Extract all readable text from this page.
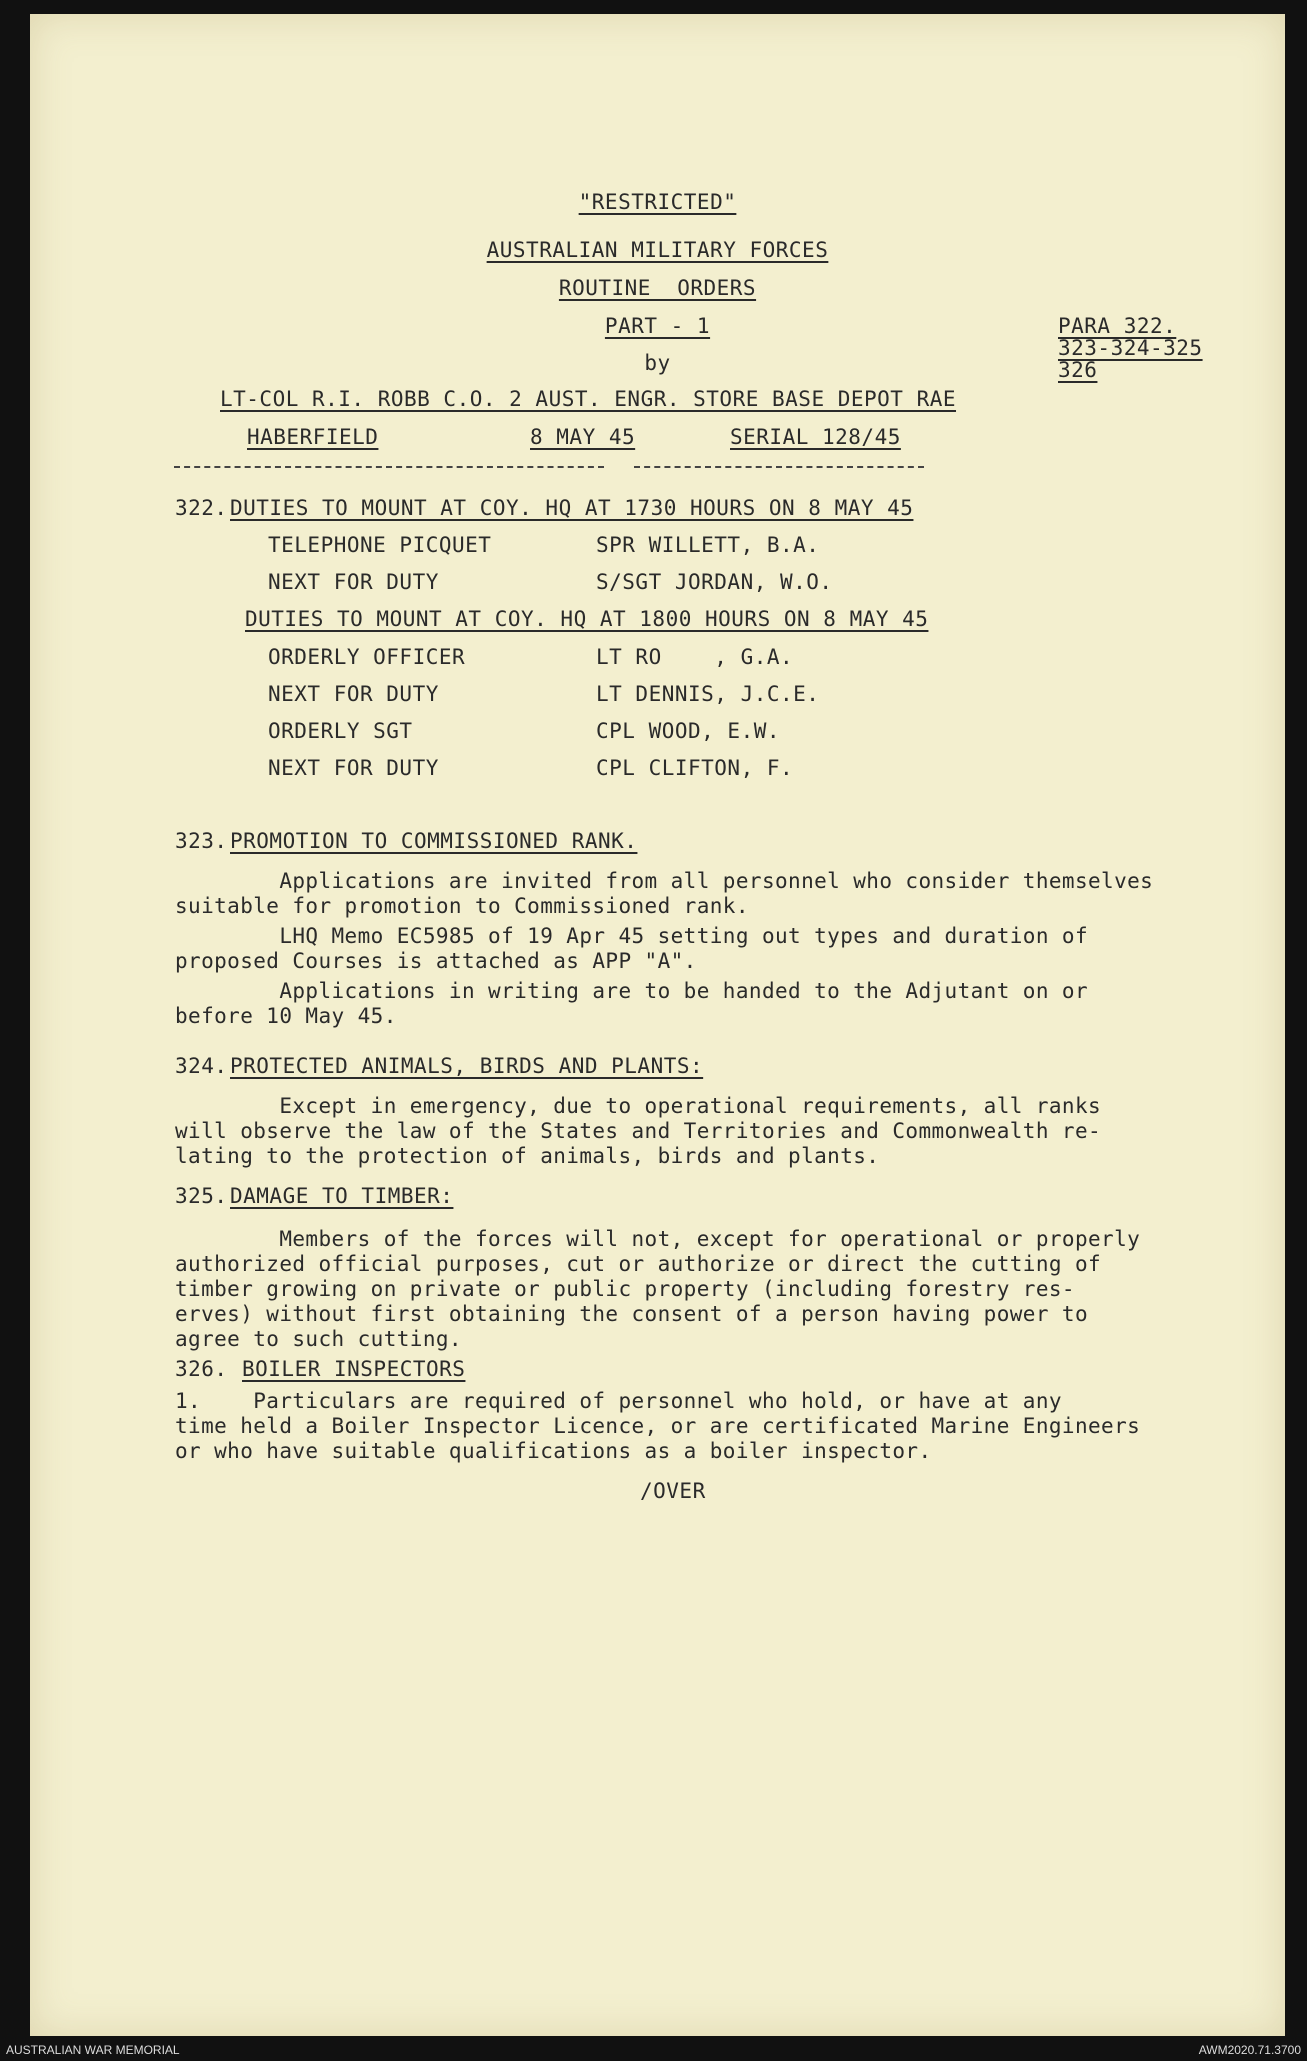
"RESTRICTED"
AUSTRALIAN MILITARY FORCES
ROUTINE  ORDERS
PART - 1
by
PARA 322.
323-324-325
326
LT-COL R.I. ROBB C.O. 2 AUST. ENGR. STORE BASE DEPOT RAE
HABERFIELD	8 MAY 45	SERIAL 128/45
322. DUTIES TO MOUNT AT COY. HQ AT 1730 HOURS ON 8 MAY 45
TELEPHONE PICQUET	SPR WILLETT, B.A.
NEXT FOR DUTY	S/SGT JORDAN, W.O.
DUTIES TO MOUNT AT COY. HQ AT 1800 HOURS ON 8 MAY 45
ORDERLY OFFICER	LT RO    , G.A.
NEXT FOR DUTY	LT DENNIS, J.C.E.
ORDERLY SGT	CPL WOOD, E.W.
NEXT FOR DUTY	CPL CLIFTON, F.
323. PROMOTION TO COMMISSIONED RANK.
Applications are invited from all personnel who consider themselves
suitable for promotion to Commissioned rank.
LHQ Memo EC5985 of 19 Apr 45 setting out types and duration of
proposed Courses is attached as APP "A".
Applications in writing are to be handed to the Adjutant on or
before 10 May 45.
324. PROTECTED ANIMALS, BIRDS AND PLANTS:
Except in emergency, due to operational requirements, all ranks
will observe the law of the States and Territories and Commonwealth re-
lating to the protection of animals, birds and plants.
325. DAMAGE TO TIMBER:
Members of the forces will not, except for operational or properly
authorized official purposes, cut or authorize or direct the cutting of
timber growing on private or public property (including forestry res-
erves) without first obtaining the consent of a person having power to
agree to such cutting.
326. BOILER INSPECTORS
1.    Particulars are required of personnel who hold, or have at any
time held a Boiler Inspector Licence, or are certificated Marine Engineers
or who have suitable qualifications as a boiler inspector.
/OVER
AUSTRALIAN WAR MEMORIAL	AWM2020.71.3700
